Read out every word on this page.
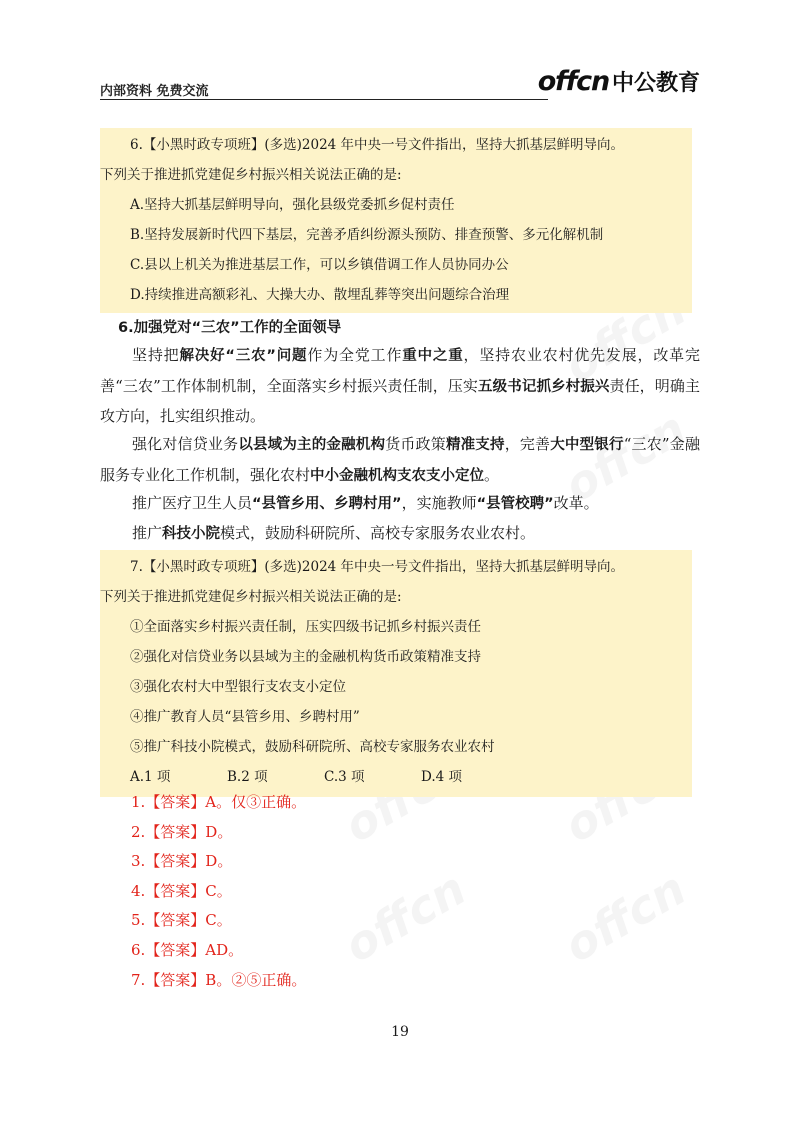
内部资料 免费交流	offcn 中公教育
6.【小黑时政专项班】(多选)2024 年中央一号文件指出，坚持大抓基层鲜明导向。
下列关于推进抓党建促乡村振兴相关说法正确的是:
A.坚持大抓基层鲜明导向，强化县级党委抓乡促村责任
B.坚持发展新时代四下基层，完善矛盾纠纷源头预防、排查预警、多元化解机制
C.县以上机关为推进基层工作，可以乡镇借调工作人员协同办公
D.持续推进高额彩礼、大操大办、散埋乱葬等突出问题综合治理
6.加强党对“三农”工作的全面领导

坚持把解决好“三农”问题作为全党工作重中之重，坚持农业农村优先发展，改革完善“三农”工作体制机制，全面落实乡村振兴责任制，压实五级书记抓乡村振兴责任，明确主攻方向，扎实组织推动。

强化对信贷业务以县域为主的金融机构货币政策精准支持，完善大中型银行“三农”金融服务专业化工作机制，强化农村中小金融机构支农支小定位。

推广医疗卫生人员“县管乡用、乡聘村用”，实施教师“县管校聘”改革。

推广科技小院模式，鼓励科研院所、高校专家服务农业农村。

7.【小黑时政专项班】(多选)2024 年中央一号文件指出，坚持大抓基层鲜明导向。
下列关于推进抓党建促乡村振兴相关说法正确的是:
①全面落实乡村振兴责任制，压实四级书记抓乡村振兴责任
②强化对信贷业务以县域为主的金融机构货币政策精准支持
③强化农村大中型银行支农支小定位
④推广教育人员“县管乡用、乡聘村用”
⑤推广科技小院模式，鼓励科研院所、高校专家服务农业农村
A.1 项	B.2 项	C.3 项	D.4 项
1.【答案】A。仅③正确。
2.【答案】D。
3.【答案】D。
4.【答案】C。
5.【答案】C。
6.【答案】AD。
7.【答案】B。②⑤正确。
19
